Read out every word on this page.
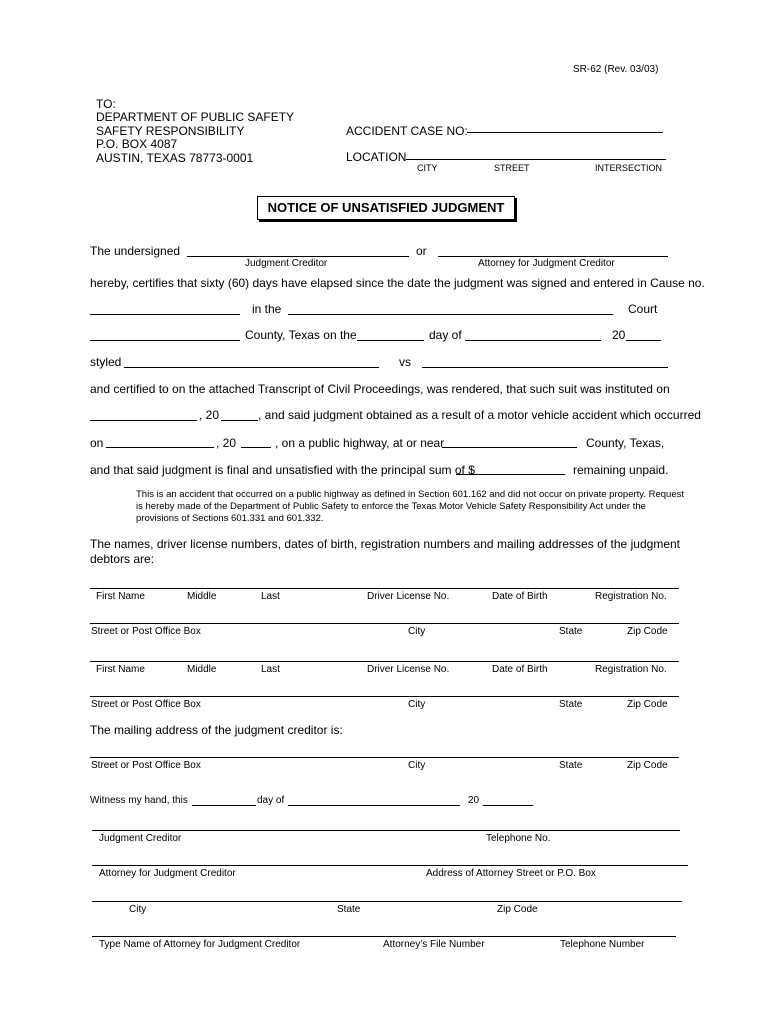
SR-62 (Rev. 03/03)
TO:
DEPARTMENT OF PUBLIC SAFETY
SAFETY RESPONSIBILITY
P.O. BOX 4087
AUSTIN, TEXAS 78773-0001
ACCIDENT CASE NO:
LOCATION
CITY	STREET	INTERSECTION
NOTICE OF UNSATISFIED JUDGMENT
The undersigned	or
Judgment Creditor	Attorney for Judgment Creditor
hereby, certifies that sixty (60) days have elapsed since the date the judgment was signed and entered in Cause no.
in the	Court
County, Texas on the	day of	20
styled	vs
and certified to on the attached Transcript of Civil Proceedings, was rendered, that such suit was instituted on
, 20	, and said judgment obtained as a result of a motor vehicle accident which occurred
on	, 20	, on a public highway, at or near	County, Texas,
and that said judgment is final and unsatisfied with the principal sum of $	remaining unpaid.
This is an accident that occurred on a public highway as defined in Section 601.162 and did not occur on private property. Request is hereby made of the Department of Public Safety to enforce the Texas Motor Vehicle Safety Responsibility Act under the provisions of Sections 601.331 and 601.332.
The names, driver license numbers, dates of birth, registration numbers and mailing addresses of the judgment debtors are:
First Name	Middle	Last	Driver License No.	Date of Birth	Registration No.
Street or Post Office Box	City	State	Zip Code
First Name	Middle	Last	Driver License No.	Date of Birth	Registration No.
Street or Post Office Box	City	State	Zip Code
The mailing address of the judgment creditor is:
Street or Post Office Box	City	State	Zip Code
Witness my hand, this	day of	20
Judgment Creditor	Telephone No.
Attorney for Judgment Creditor	Address of Attorney Street or P.O. Box
City	State	Zip Code
Type Name of Attorney for Judgment Creditor	Attorney’s File Number	Telephone Number
